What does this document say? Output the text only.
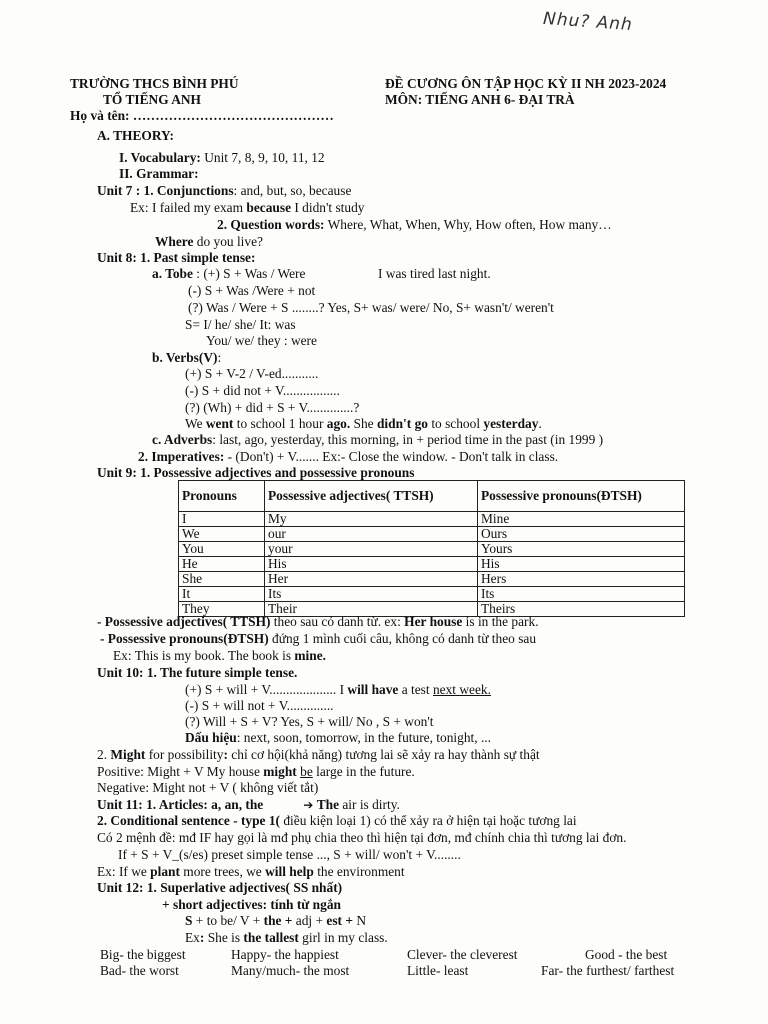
Nhu? Anh
TRƯỜNG THCS BÌNH PHÚ
TỔ TIẾNG ANH
Họ và tên: ………………………………………
ĐỀ CƯƠNG ÔN TẬP HỌC KỲ II NH 2023-2024
MÔN: TIẾNG ANH 6- ĐẠI TRÀ
A. THEORY:
I. Vocabulary: Unit 7, 8, 9, 10, 11, 12
II. Grammar:
Unit 7 : 1. Conjunctions: and, but, so, because
Ex: I failed my exam because I didn't study
2. Question words: Where, What, When, Why, How often, How many…
Where do you live?
Unit 8: 1. Past simple tense:
a. Tobe : (+) S + Was / Were	I was tired last night.
(-) S + Was /Were + not
(?) Was / Were + S ........? Yes, S+ was/ were/ No, S+ wasn't/ weren't
S= I/ he/ she/ It: was
You/ we/ they : were
b. Verbs(V):
(+) S + V-2 / V-ed...........
(-) S + did not + V.................
(?) (Wh) + did + S + V..............?
We went to school 1 hour ago. She didn't go to school yesterday.
c. Adverbs: last, ago, yesterday, this morning, in + period time in the past (in 1999 )
2. Imperatives: - (Don't) + V....... Ex:- Close the window. - Don't talk in class.
Unit 9: 1. Possessive adjectives and possessive pronouns
Pronouns	Possessive adjectives( TTSH)	Possessive pronouns(ĐTSH)
I	My	Mine
We	our	Ours
You	your	Yours
He	His	His
She	Her	Hers
It	Its	Its
They	Their	Theirs
- Possessive adjectives( TTSH) theo sau có danh từ. ex: Her house is in the park.
- Possessive pronouns(ĐTSH) đứng 1 mình cuối câu, không có danh từ theo sau
Ex: This is my book. The book is mine.
Unit 10: 1. The future simple tense.
(+) S + will + V.................... I will have a test next week.
(-) S + will not + V..............
(?) Will + S + V? Yes, S + will/ No , S + won't
Dấu hiệu: next, soon, tomorrow, in the future, tonight, ...
2. Might for possibility: chỉ cơ hội(khả năng) tương lai sẽ xảy ra hay thành sự thật
Positive: Might + V My house might be large in the future.
Negative: Might not + V ( không viết tắt)
Unit 11: 1. Articles: a, an, the	➔ The air is dirty.
2. Conditional sentence - type 1( điều kiện loại 1) có thể xảy ra ở hiện tại hoặc tương lai
Có 2 mệnh đề: mđ IF hay gọi là mđ phụ chia theo thì hiện tại đơn, mđ chính chia thì tương lai đơn.
If + S + V_(s/es) preset simple tense ..., S + will/ won't + V........
Ex: If we plant more trees, we will help the environment
Unit 12: 1. Superlative adjectives( SS nhất)
+ short adjectives: tính từ ngắn
S + to be/ V + the + adj + est + N
Ex: She is the tallest girl in my class.
Big- the biggest	Happy- the happiest	Clever- the cleverest	Good - the best
Bad- the worst	Many/much- the most	Little- least	Far- the furthest/ farthest
